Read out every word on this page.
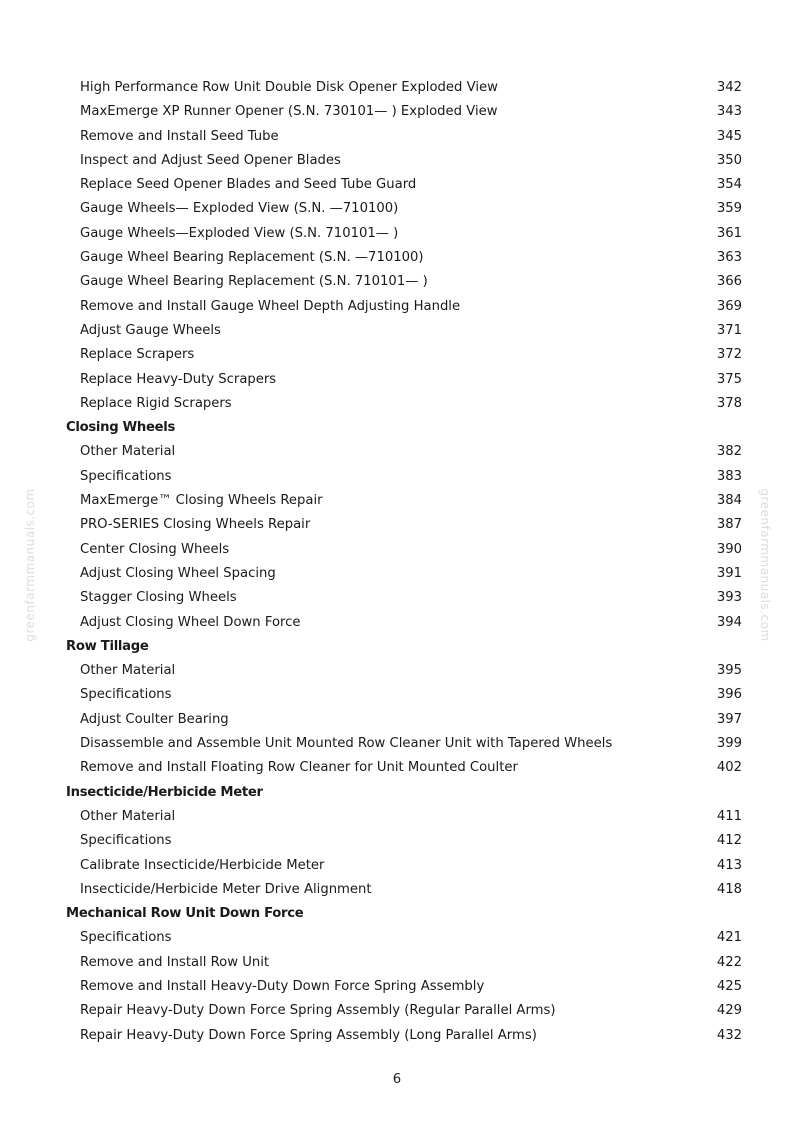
greenfarmmanuals.com	greenfarmmanuals.com
High Performance Row Unit Double Disk Opener Exploded View	342
MaxEmerge XP Runner Opener (S.N. 730101— ) Exploded View	343
Remove and Install Seed Tube	345
Inspect and Adjust Seed Opener Blades	350
Replace Seed Opener Blades and Seed Tube Guard	354
Gauge Wheels— Exploded View (S.N. —710100)	359
Gauge Wheels—Exploded View (S.N. 710101— )	361
Gauge Wheel Bearing Replacement (S.N. —710100)	363
Gauge Wheel Bearing Replacement (S.N. 710101— )	366
Remove and Install Gauge Wheel Depth Adjusting Handle	369
Adjust Gauge Wheels	371
Replace Scrapers	372
Replace Heavy-Duty Scrapers	375
Replace Rigid Scrapers	378
Closing Wheels
Other Material	382
Specifications	383
MaxEmerge™ Closing Wheels Repair	384
PRO-SERIES Closing Wheels Repair	387
Center Closing Wheels	390
Adjust Closing Wheel Spacing	391
Stagger Closing Wheels	393
Adjust Closing Wheel Down Force	394
Row Tillage
Other Material	395
Specifications	396
Adjust Coulter Bearing	397
Disassemble and Assemble Unit Mounted Row Cleaner Unit with Tapered Wheels	399
Remove and Install Floating Row Cleaner for Unit Mounted Coulter	402
Insecticide/Herbicide Meter
Other Material	411
Specifications	412
Calibrate Insecticide/Herbicide Meter	413
Insecticide/Herbicide Meter Drive Alignment	418
Mechanical Row Unit Down Force
Specifications	421
Remove and Install Row Unit	422
Remove and Install Heavy-Duty Down Force Spring Assembly	425
Repair Heavy-Duty Down Force Spring Assembly (Regular Parallel Arms)	429
Repair Heavy-Duty Down Force Spring Assembly (Long Parallel Arms)	432
6
